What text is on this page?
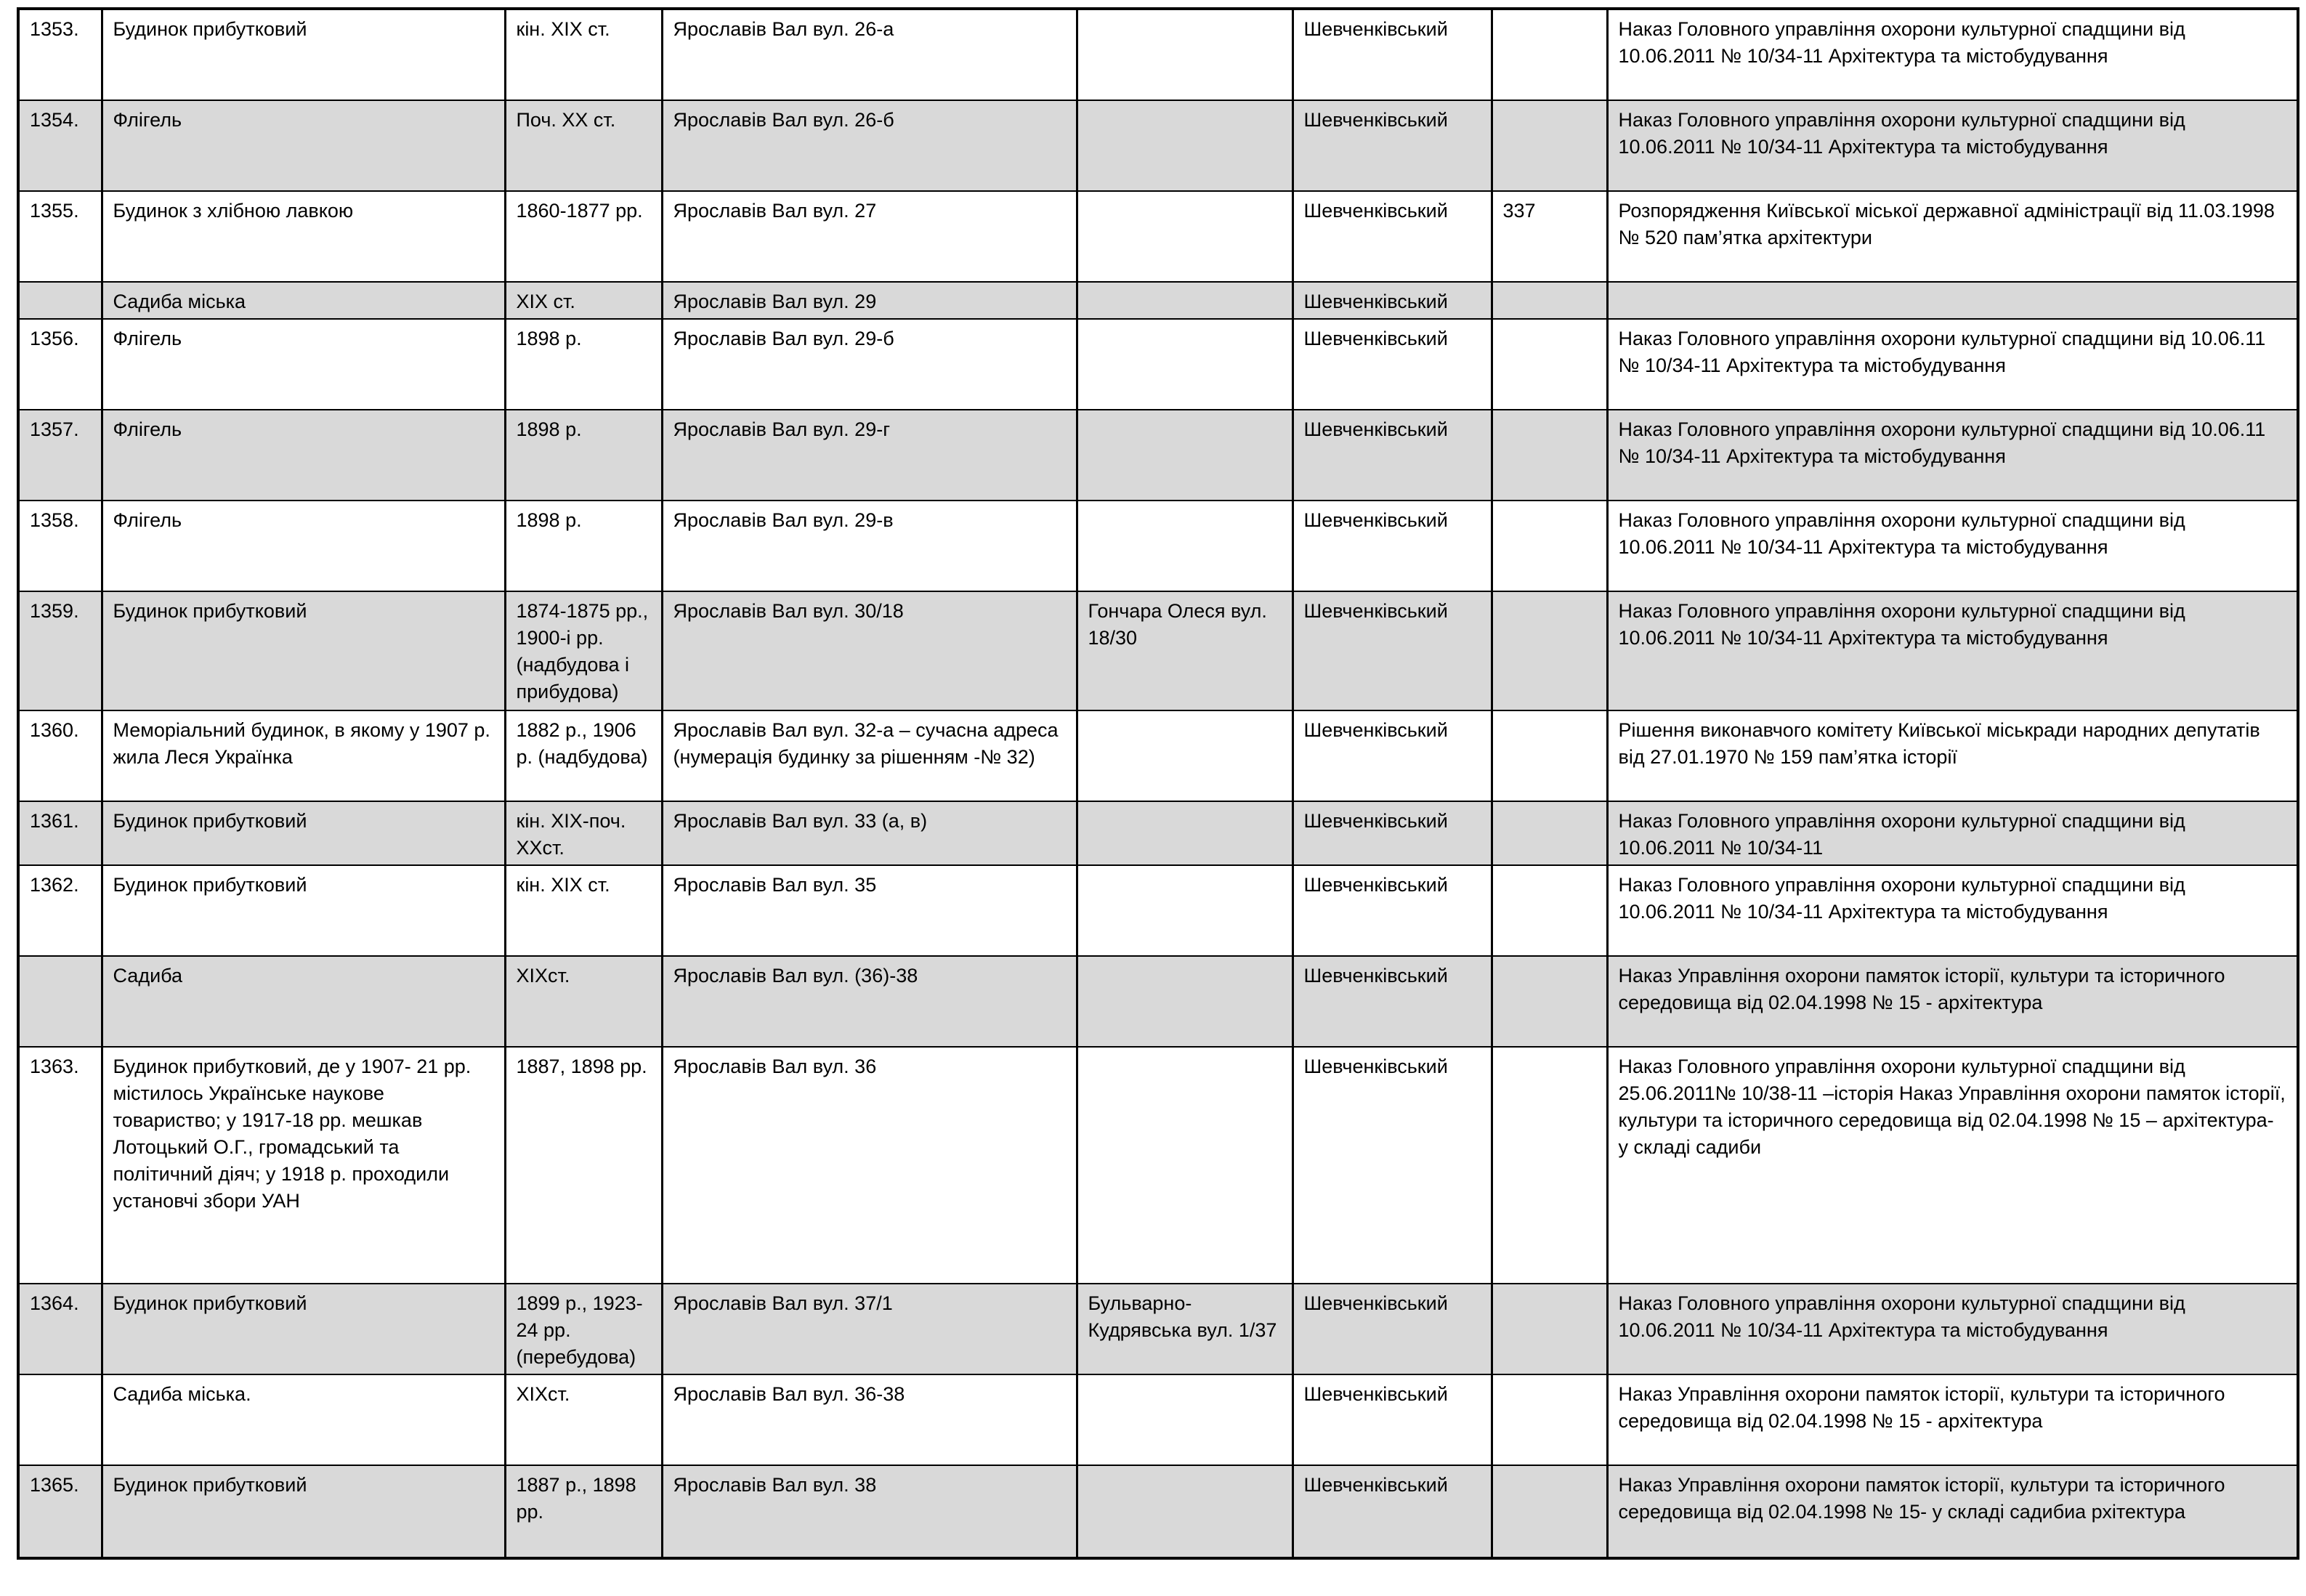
1353.	Будинок прибутковий	кін. ХІХ ст.	Ярославів Вал вул. 26-а		Шевченківський		Наказ Головного управління охорони культурної спадщини від 10.06.2011 № 10/34-11 Архітектура та містобудування
1354.	Флігель	Поч. ХХ ст.	Ярославів Вал вул. 26-б		Шевченківський		Наказ Головного управління охорони культурної спадщини від 10.06.2011 № 10/34-11 Архітектура та містобудування
1355.	Будинок з хлібною лавкою	1860-1877 рр.	Ярославів Вал вул. 27		Шевченківський	337	Розпорядження Київської міської державної адміністрації від 11.03.1998 № 520 пам’ятка архітектури
	Садиба міська	ХІХ ст.	Ярославів Вал вул. 29		Шевченківський		
1356.	Флігель	1898 р.	Ярославів Вал вул. 29-б		Шевченківський		Наказ Головного управління охорони культурної спадщини від 10.06.11 № 10/34-11 Архітектура та містобудування
1357.	Флігель	1898 р.	Ярославів Вал вул. 29-г		Шевченківський		Наказ Головного управління охорони культурної спадщини від 10.06.11 № 10/34-11 Архітектура та містобудування
1358.	Флігель	1898 р.	Ярославів Вал вул. 29-в		Шевченківський		Наказ Головного управління охорони культурної спадщини від 10.06.2011 № 10/34-11 Архітектура та містобудування
1359.	Будинок прибутковий	1874-1875 рр., 1900-і рр. (надбудова і прибудова)	Ярославів Вал вул. 30/18	Гончара Олеся вул. 18/30	Шевченківський		Наказ Головного управління охорони культурної спадщини від 10.06.2011 № 10/34-11 Архітектура та містобудування
1360.	Меморіальний будинок, в якому у 1907 р. жила Леся Українка	1882 р., 1906 р. (надбудова)	Ярославів Вал вул. 32-а – сучасна адреса (нумерація будинку за рішенням -№ 32)		Шевченківський		Рішення виконавчого комітету Київської міськради народних депутатів від 27.01.1970 № 159 пам’ятка історії
1361.	Будинок прибутковий	кін. ХІХ-поч. ХХст.	Ярославів Вал вул. 33 (а, в)		Шевченківський		Наказ Головного управління охорони культурної спадщини від 10.06.2011 № 10/34-11
1362.	Будинок прибутковий	кін. ХІХ ст.	Ярославів Вал вул. 35		Шевченківський		Наказ Головного управління охорони культурної спадщини від 10.06.2011 № 10/34-11 Архітектура та містобудування
	Садиба	ХІХст.	Ярославів Вал вул. (36)-38		Шевченківський		Наказ Управління охорони памяток історії, культури та історичного середовища від 02.04.1998 № 15 - архітектура
1363.	Будинок прибутковий, де у 1907- 21 рр. містилось Українське наукове товариство; у 1917-18 рр. мешкав Лотоцький О.Г., громадський та політичний діяч; у 1918 р. проходили установчі збори УАН	1887, 1898 рр.	Ярославів Вал вул. 36		Шевченківський		Наказ Головного управління охорони культурної спадщини від 25.06.2011№ 10/38-11 –історія Наказ Управління охорони памяток історії, культури та історичного середовища від 02.04.1998 № 15 – архітектура- у складі садиби
1364.	Будинок прибутковий	1899 р., 1923-24 рр. (перебудова)	Ярославів Вал вул. 37/1	Бульварно-Кудрявська вул. 1/37	Шевченківський		Наказ Головного управління охорони культурної спадщини від 10.06.2011 № 10/34-11 Архітектура та містобудування
	Садиба міська.	ХІХст.	Ярославів Вал вул. 36-38		Шевченківський		Наказ Управління охорони памяток історії, культури та історичного середовища від 02.04.1998 № 15 - архітектура
1365.	Будинок прибутковий	1887 р., 1898 рр.	Ярославів Вал вул. 38		Шевченківський		Наказ Управління охорони памяток історії, культури та історичного середовища від 02.04.1998 № 15- у складі садибиа рхітектура
